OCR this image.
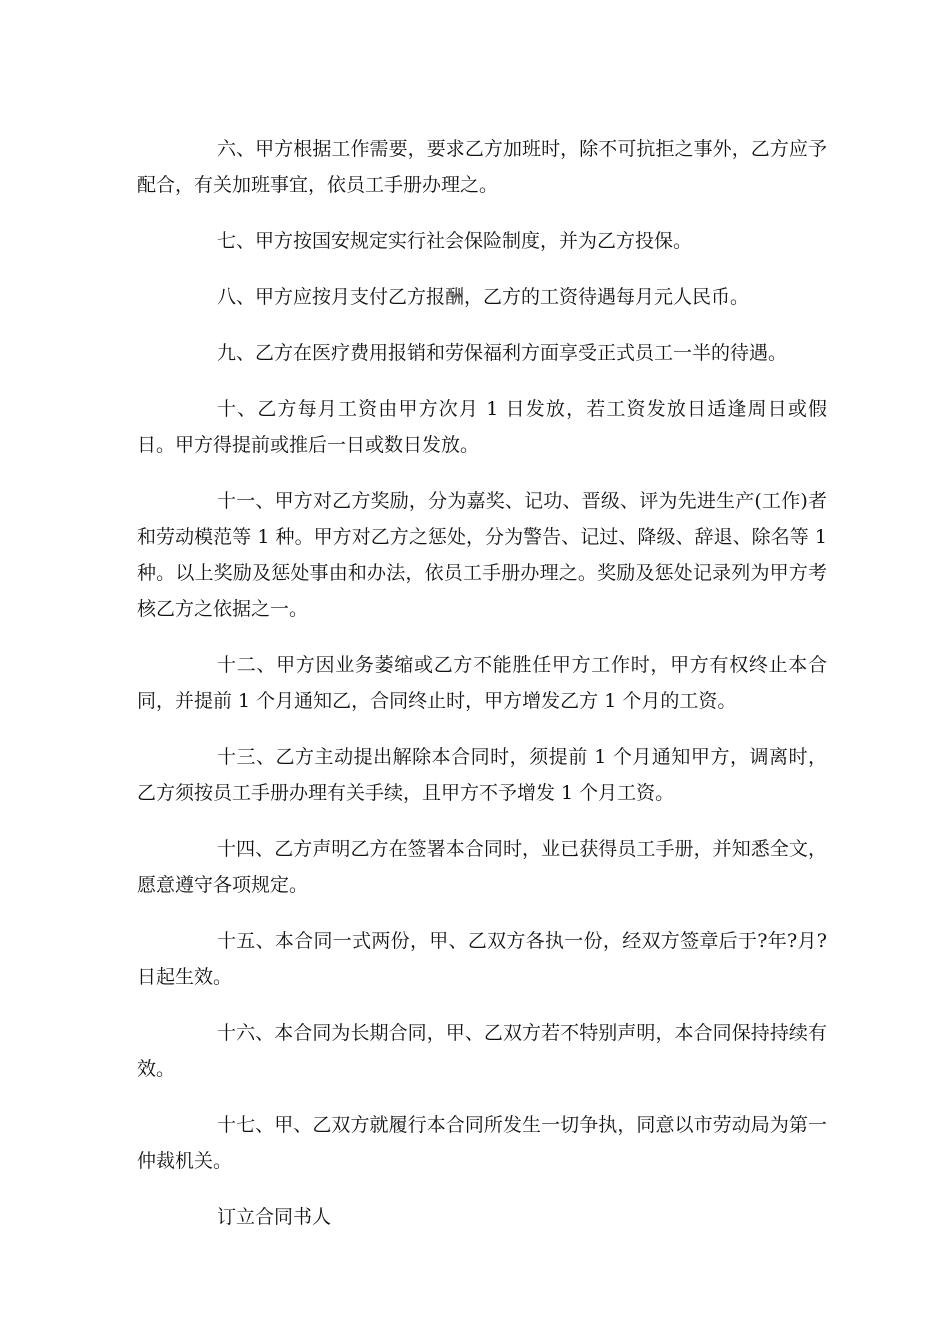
六、甲方根据工作需要，要求乙方加班时，除不可抗拒之事外，乙方应予配合，有关加班事宜，依员工手册办理之。

七、甲方按国安规定实行社会保险制度，并为乙方投保。

八、甲方应按月支付乙方报酬，乙方的工资待遇每月元人民币。

九、乙方在医疗费用报销和劳保福利方面享受正式员工一半的待遇。

十、乙方每月工资由甲方次月 1 日发放，若工资发放日适逢周日或假日。甲方得提前或推后一日或数日发放。

十一、甲方对乙方奖励，分为嘉奖、记功、晋级、评为先进生产(工作)者和劳动模范等 1 种。甲方对乙方之惩处，分为警告、记过、降级、辞退、除名等 1 种。以上奖励及惩处事由和办法，依员工手册办理之。奖励及惩处记录列为甲方考核乙方之依据之一。

十二、甲方因业务萎缩或乙方不能胜任甲方工作时，甲方有权终止本合同，并提前 1 个月通知乙，合同终止时，甲方增发乙方 1 个月的工资。

十三、乙方主动提出解除本合同时，须提前 1 个月通知甲方，调离时，乙方须按员工手册办理有关手续，且甲方不予增发 1 个月工资。

十四、乙方声明乙方在签署本合同时，业已获得员工手册，并知悉全文，愿意遵守各项规定。

十五、本合同一式两份，甲、乙双方各执一份，经双方签章后于?年?月?日起生效。

十六、本合同为长期合同，甲、乙双方若不特别声明，本合同保持持续有效。

十七、甲、乙双方就履行本合同所发生一切争执，同意以市劳动局为第一仲裁机关。

订立合同书人
